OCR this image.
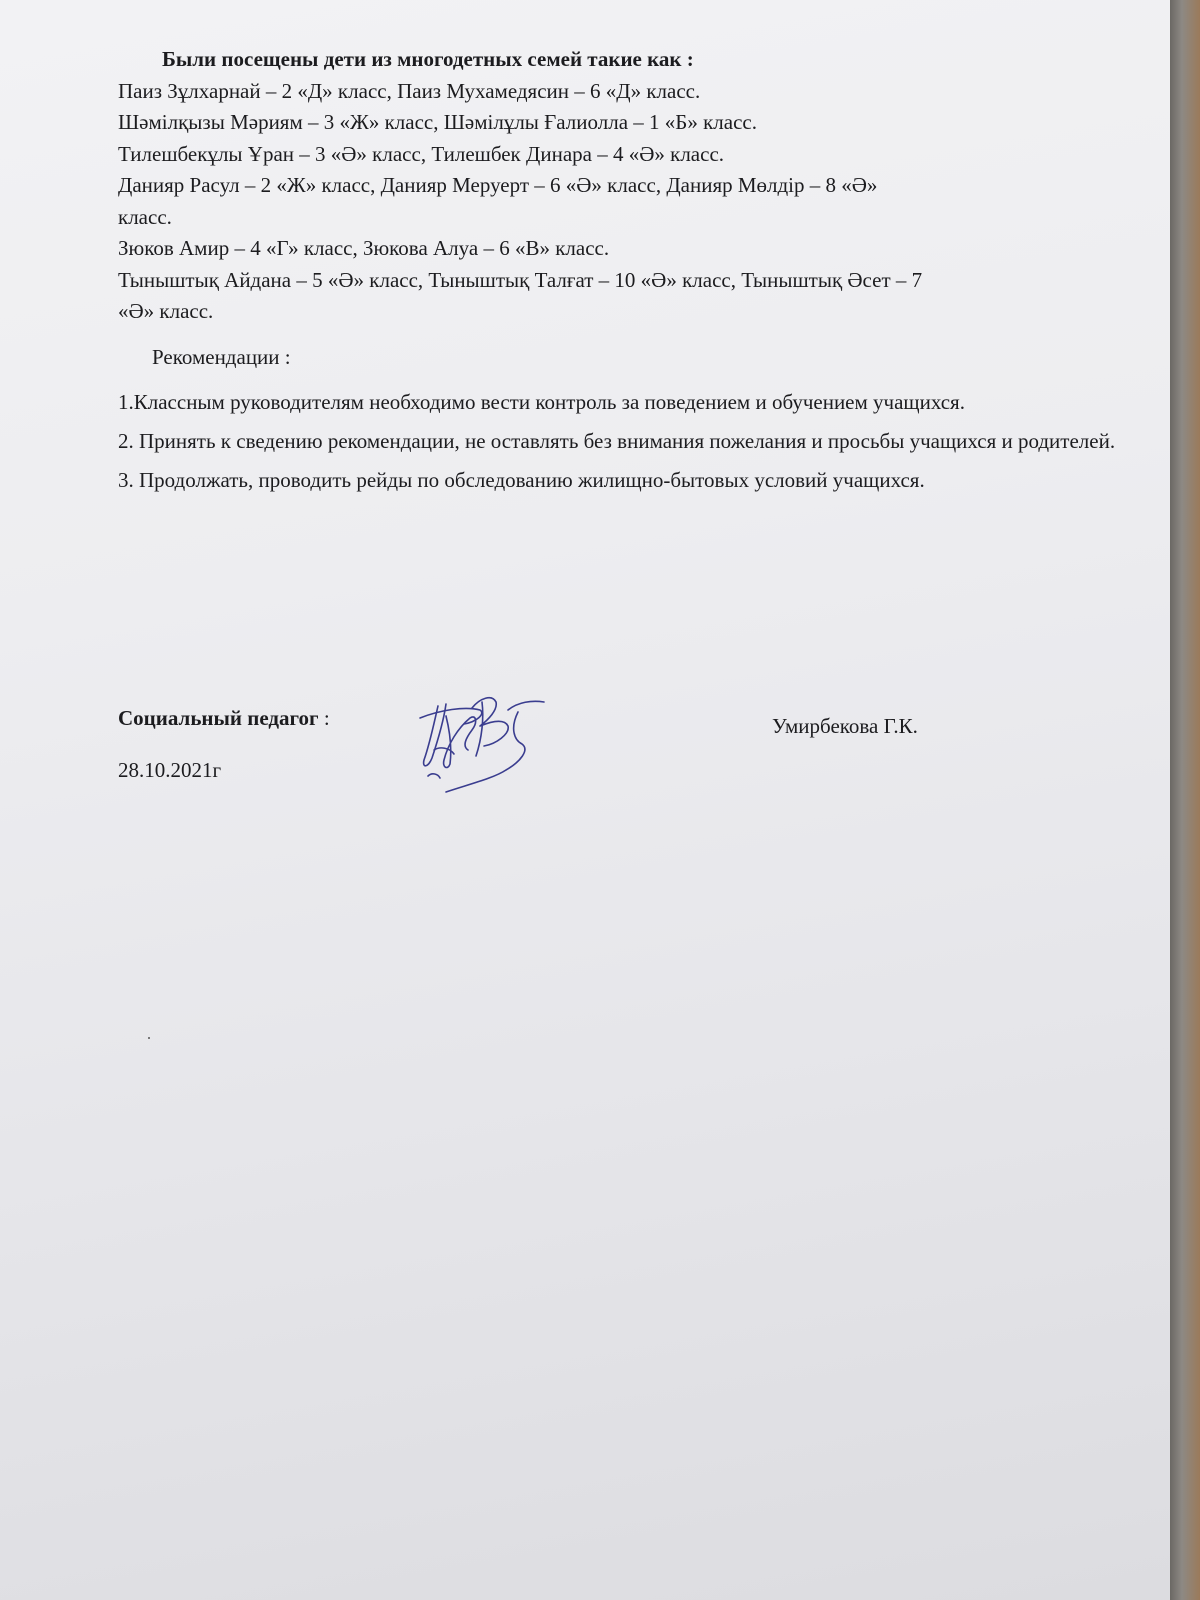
Были посещены дети из многодетных семей такие как :

Паиз Зұлхарнай – 2 «Д» класс, Паиз Мухамедясин – 6 «Д» класс.

Шәмілқызы Мәриям – 3 «Ж» класс, Шәмілұлы Ғалиолла – 1 «Б» класс.

Тилешбекұлы Ұран – 3 «Ә» класс, Тилешбек Динара – 4 «Ә» класс.

Данияр Расул – 2 «Ж» класс, Данияр Меруерт – 6 «Ә» класс, Данияр Мөлдір – 8 «Ә»

класс.

Зюков Амир – 4 «Г» класс, Зюкова Алуа – 6 «В» класс.

Тыныштық Айдана – 5 «Ә» класс, Тыныштық Талғат – 10 «Ә» класс, Тыныштық Әсет – 7

«Ә» класс.

Рекомендации :

1.Классным руководителям необходимо вести контроль за поведением и обучением учащихся.

2. Принять к сведению рекомендации, не оставлять без внимания пожелания и просьбы учащихся и родителей.

3. Продолжать, проводить рейды по обследованию жилищно-бытовых условий учащихся.

Социальный педагог :	Умирбекова Г.К.
28.10.2021г
